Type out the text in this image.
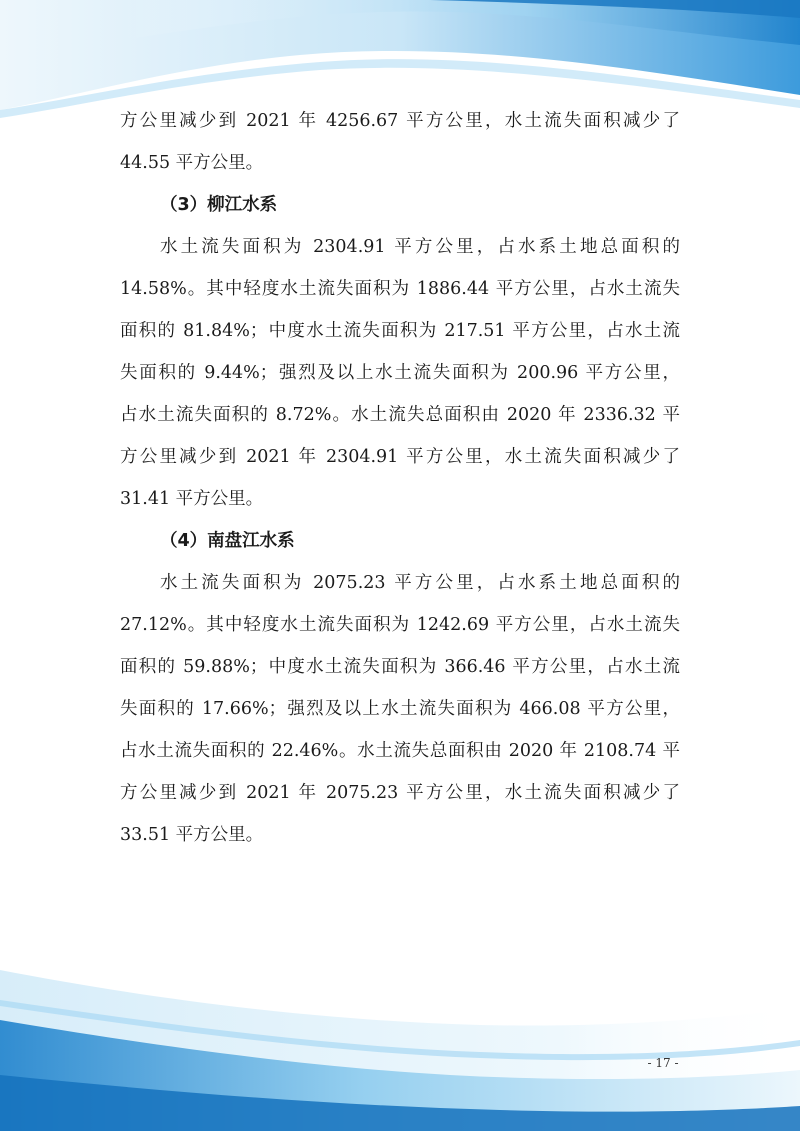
方公里减少到 2021 年 4256.67 平方公里，水土流失面积减少了

44.55 平方公里。

（3）柳江水系

水土流失面积为 2304.91 平方公里，占水系土地总面积的

14.58%。其中轻度水土流失面积为 1886.44 平方公里，占水土流失

面积的 81.84%；中度水土流失面积为 217.51 平方公里，占水土流

失面积的 9.44%；强烈及以上水土流失面积为 200.96 平方公里，

占水土流失面积的 8.72%。水土流失总面积由 2020 年 2336.32 平

方公里减少到 2021 年 2304.91 平方公里，水土流失面积减少了

31.41 平方公里。

（4）南盘江水系

水土流失面积为 2075.23 平方公里，占水系土地总面积的

27.12%。其中轻度水土流失面积为 1242.69 平方公里，占水土流失

面积的 59.88%；中度水土流失面积为 366.46 平方公里，占水土流

失面积的 17.66%；强烈及以上水土流失面积为 466.08 平方公里，

占水土流失面积的 22.46%。水土流失总面积由 2020 年 2108.74 平

方公里减少到 2021 年 2075.23 平方公里，水土流失面积减少了

33.51 平方公里。

- 17 -
